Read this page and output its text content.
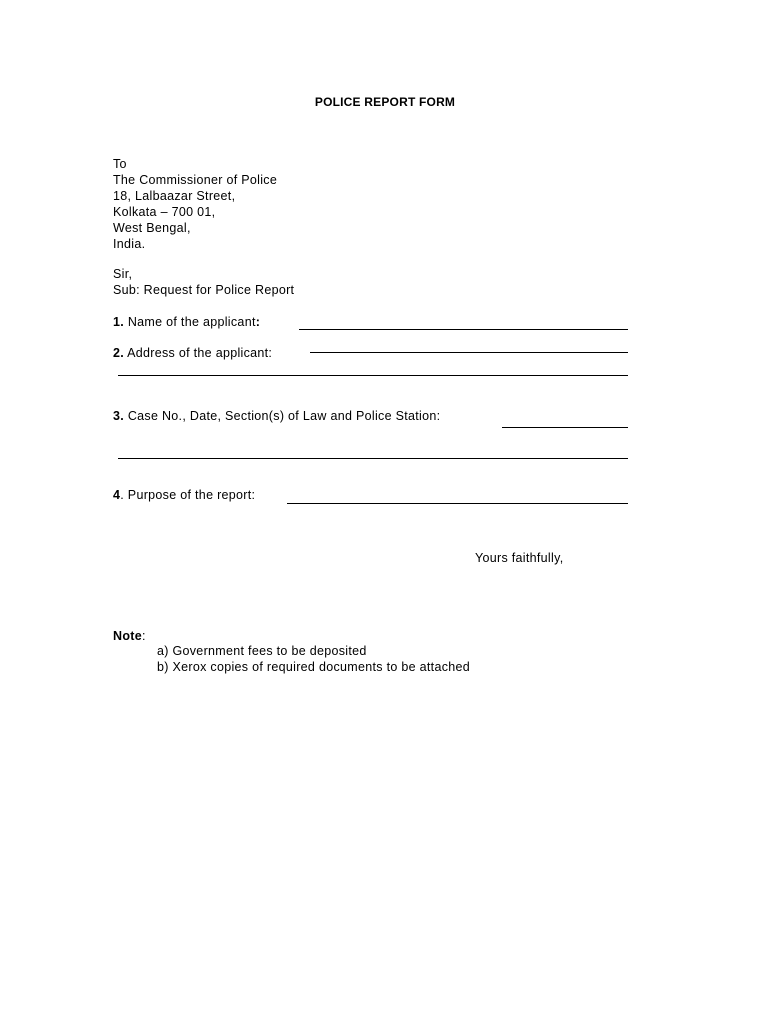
POLICE REPORT FORM
To
The Commissioner of Police
18, Lalbaazar Street,
Kolkata – 700 01,
West Bengal,
India.
Sir,
Sub: Request for Police Report
1. Name of the applicant:
2. Address of the applicant:
3. Case No., Date, Section(s) of Law and Police Station:
4. Purpose of the report:
Yours faithfully,
Note:
a) Government fees to be deposited
b) Xerox copies of required documents to be attached
